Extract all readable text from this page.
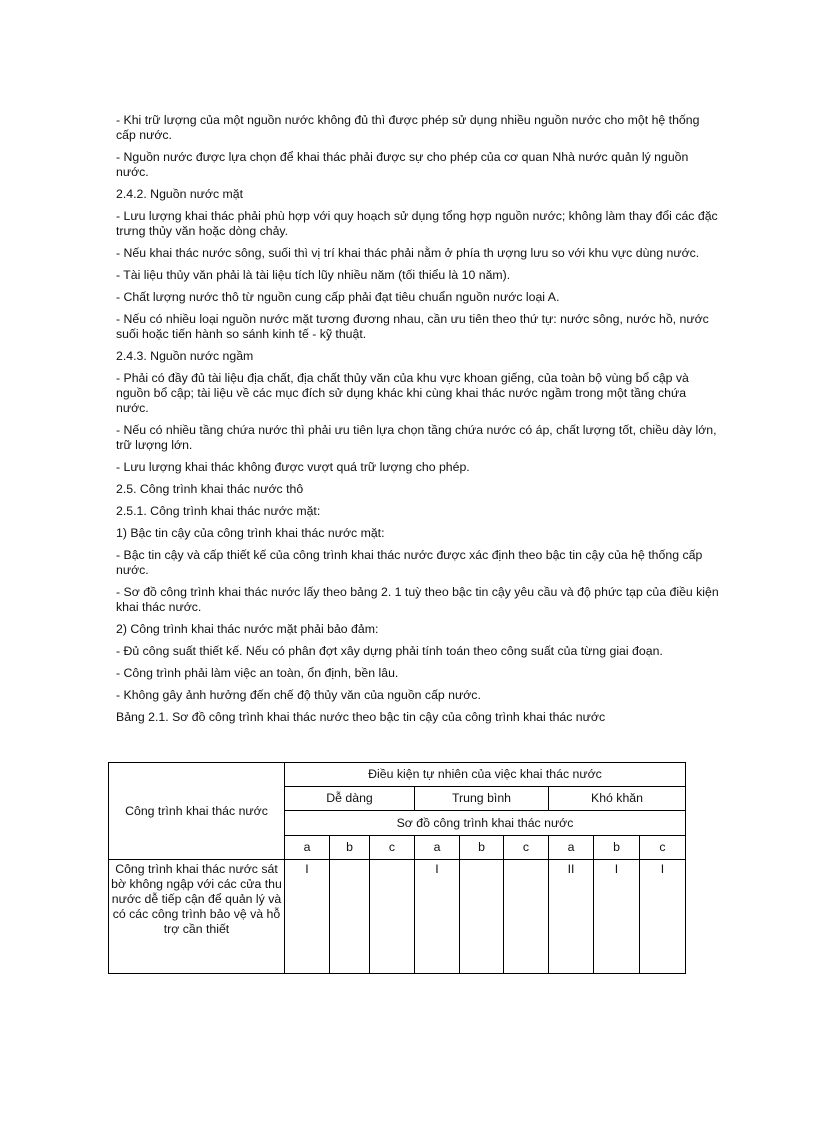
- Khi trữ lượng của một nguồn nước không đủ thì được phép sử dụng nhiều nguồn nước cho một hệ thống cấp nước.

- Nguồn nước được lựa chọn để khai thác phải được sự cho phép của cơ quan Nhà nước quản lý nguồn nước.

2.4.2. Nguồn nước mặt

- Lưu lượng khai thác phải phù hợp với quy hoạch sử dụng tổng hợp nguồn nước; không làm thay đổi các đặc trưng thủy văn hoặc dòng chảy.

- Nếu khai thác nước sông, suối thì vị trí khai thác phải nằm ở phía th ượng lưu so với khu vực dùng nước.

- Tài liệu thủy văn phải là tài liệu tích lũy nhiều năm (tối thiểu là 10 năm).

- Chất lượng nước thô từ nguồn cung cấp phải đạt tiêu chuẩn nguồn nước loại A.

- Nếu có nhiều loại nguồn nước mặt tương đương nhau, cần ưu tiên theo thứ tự: nước sông, nước hồ, nước suối hoặc tiến hành so sánh kinh tế - kỹ thuật.

2.4.3. Nguồn nước ngầm

- Phải có đầy đủ tài liệu địa chất, địa chất thủy văn của khu vực khoan giếng, của toàn bộ vùng bổ cập và nguồn bổ cập; tài liệu về các mục đích sử dụng khác khi cùng khai thác nước ngầm trong một tầng chứa nước.

- Nếu có nhiều tầng chứa nước thì phải ưu tiên lựa chọn tầng chứa nước có áp, chất lượng tốt, chiều dày lớn, trữ lượng lớn.

- Lưu lượng khai thác không được vượt quá trữ lượng cho phép.

2.5. Công trình khai thác nước thô

2.5.1. Công trình khai thác nước mặt:

1) Bậc tin cậy của công trình khai thác nước mặt:

- Bậc tin cậy và cấp thiết kế của công trình khai thác nước được xác định theo bậc tin cậy của hệ thống cấp nước.

- Sơ đồ công trình khai thác nước lấy theo bảng 2. 1 tuỳ theo bậc tin cậy yêu cầu và độ phức tạp của điều kiện khai thác nước.

2) Công trình khai thác nước mặt phải bảo đảm:

- Đủ công suất thiết kế. Nếu có phân đợt xây dựng phải tính toán theo công suất của từng giai đoạn.

- Công trình phải làm việc an toàn, ổn định, bền lâu.

- Không gây ảnh hưởng đến chế độ thủy văn của nguồn cấp nước.

Bảng 2.1. Sơ đồ công trình khai thác nước theo bậc tin cậy của công trình khai thác nước

Công trình khai thác nước	Điều kiện tự nhiên của việc khai thác nước								
	Dễ dàng			Trung bình			Khó khăn		
	Sơ đồ công trình khai thác nước								
	a	b	c	a	b	c	a	b	c
Công trình khai thác nước sát bờ không ngập với các cửa thu nước dễ tiếp cận để quản lý và có các công trình bảo vệ và hỗ trợ cần thiết	I			I			II	I	I
